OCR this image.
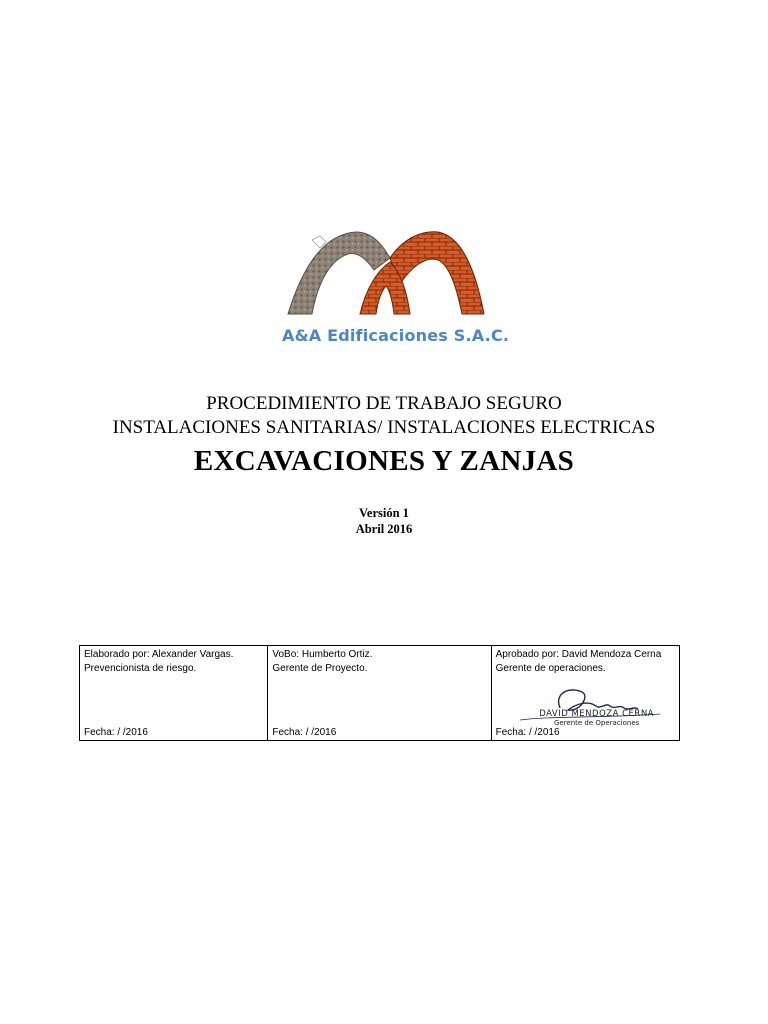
A&A Edificaciones S.A.C.
PROCEDIMIENTO DE TRABAJO SEGURO
INSTALACIONES SANITARIAS/ INSTALACIONES ELECTRICAS
EXCAVACIONES Y ZANJAS
Versión 1
Abril 2016
Elaborado por: Alexander Vargas.
Prevencionista de riesgo.
Fecha: / /2016
VoBo: Humberto Ortiz.
Gerente de Proyecto.
Fecha: / /2016
Aprobado por: David Mendoza Cerna
Gerente de operaciones.
DAVID MENDOZA CERNA
Gerente de Operaciones
Fecha: / /2016
